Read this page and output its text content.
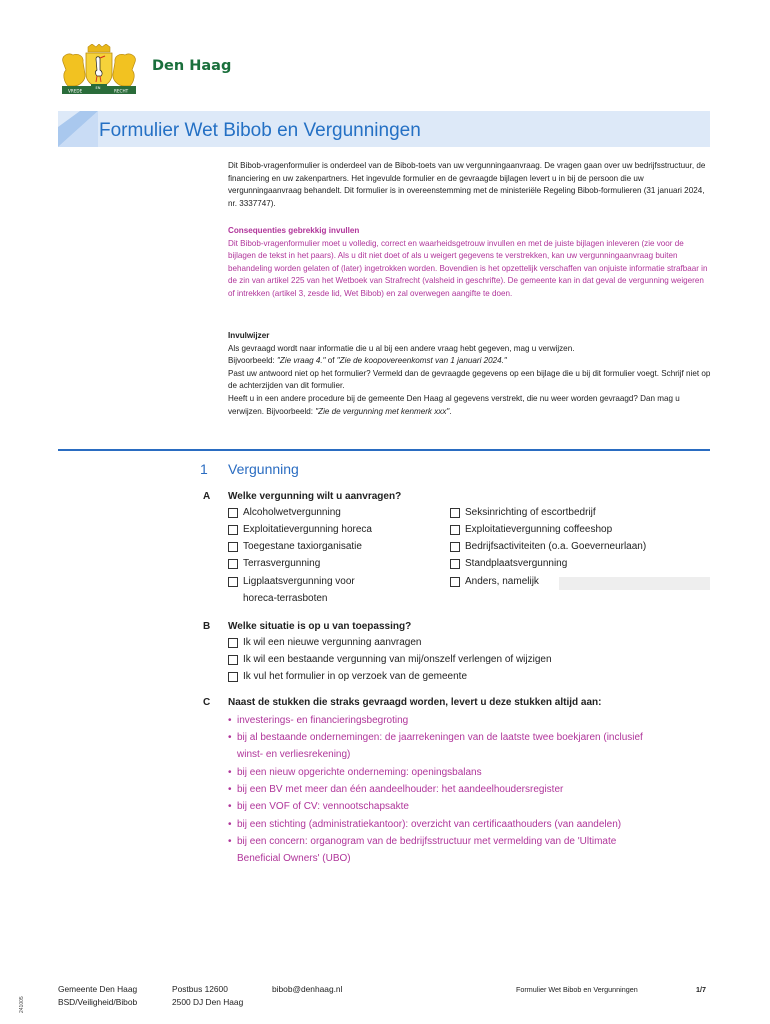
VREDE
EN
RECHT
Den Haag
Formulier Wet Bibob en Vergunningen

Dit Bibob-vragenformulier is onderdeel van de Bibob-toets van uw vergunningaanvraag. De vragen gaan over uw bedrijfsstructuur, de financiering en uw zakenpartners. Het ingevulde formulier en de gevraagde bijlagen levert u in bij de persoon die uw vergunningaanvraag behandelt. Dit formulier is in overeenstemming met de ministeriële Regeling Bibob-formulieren (31 januari 2024, nr. 3337747).

Consequenties gebrekkig invullen

Dit Bibob-vragenformulier moet u volledig, correct en waarheidsgetrouw invullen en met de juiste bijlagen inleveren (zie voor de bijlagen de tekst in het paars). Als u dit niet doet of als u weigert gegevens te verstrekken, kan uw vergunningaanvraag buiten behandeling worden gelaten of (later) ingetrokken worden. Bovendien is het opzettelijk verschaffen van onjuiste informatie strafbaar in de zin van artikel 225 van het Wetboek van Strafrecht (valsheid in geschrifte). De gemeente kan in dat geval de vergunning weigeren of intrekken (artikel 3, zesde lid, Wet Bibob) en zal overwegen aangifte te doen.

Invulwijzer

Als gevraagd wordt naar informatie die u al bij een andere vraag hebt gegeven, mag u verwijzen.

Bijvoorbeeld: "Zie vraag 4." of "Zie de koopovereenkomst van 1 januari 2024."

Past uw antwoord niet op het formulier? Vermeld dan de gevraagde gegevens op een bijlage die u bij dit formulier voegt. Schrijf niet op de achterzijden van dit formulier.

Heeft u in een andere procedure bij de gemeente Den Haag al gegevens verstrekt, die nu weer worden gevraagd? Dan mag u verwijzen. Bijvoorbeeld: "Zie de vergunning met kenmerk xxx".

1 Vergunning
A Welke vergunning wilt u aanvragen?
Alcoholwetvergunning
Exploitatievergunning horeca
Toegestane taxiorganisatie
Terrasvergunning
Ligplaatsvergunning voor
horeca-terrasboten
Seksinrichting of escortbedrijf
Exploitatievergunning coffeeshop
Bedrijfsactiviteiten (o.a. Goeverneurlaan)
Standplaatsvergunning
Anders, namelijk
B Welke situatie is op u van toepassing?
Ik wil een nieuwe vergunning aanvragen
Ik wil een bestaande vergunning van mij/onszelf verlengen of wijzigen
Ik vul het formulier in op verzoek van de gemeente
C Naast de stukken die straks gevraagd worden, levert u deze stukken altijd aan:
• investerings- en financieringsbegroting
• bij al bestaande ondernemingen: de jaarrekeningen van de laatste twee boekjaren (inclusief
winst- en verliesrekening)
• bij een nieuw opgerichte onderneming: openingsbalans
• bij een BV met meer dan één aandeelhouder: het aandeelhoudersregister
• bij een VOF of CV: vennootschapsakte
• bij een stichting (administratiekantoor): overzicht van certificaathouders (van aandelen)
• bij een concern: organogram van de bedrijfsstructuur met vermelding van de 'Ultimate
Beneficial Owners' (UBO)
241005
Gemeente Den Haag
BSD/Veiligheid/Bibob
Postbus 12600
2500 DJ Den Haag
bibob@denhaag.nl	Formulier Wet Bibob en Vergunningen	1/7
